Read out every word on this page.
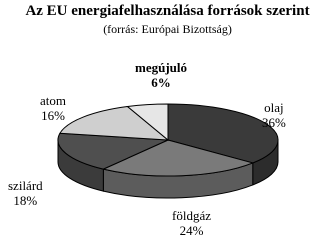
Az EU energiafelhasználása források szerint
(forrás: Európai Bizottság)
olaj
36%
földgáz
24%
szilárd
18%
atom
16%
megújuló
6%
